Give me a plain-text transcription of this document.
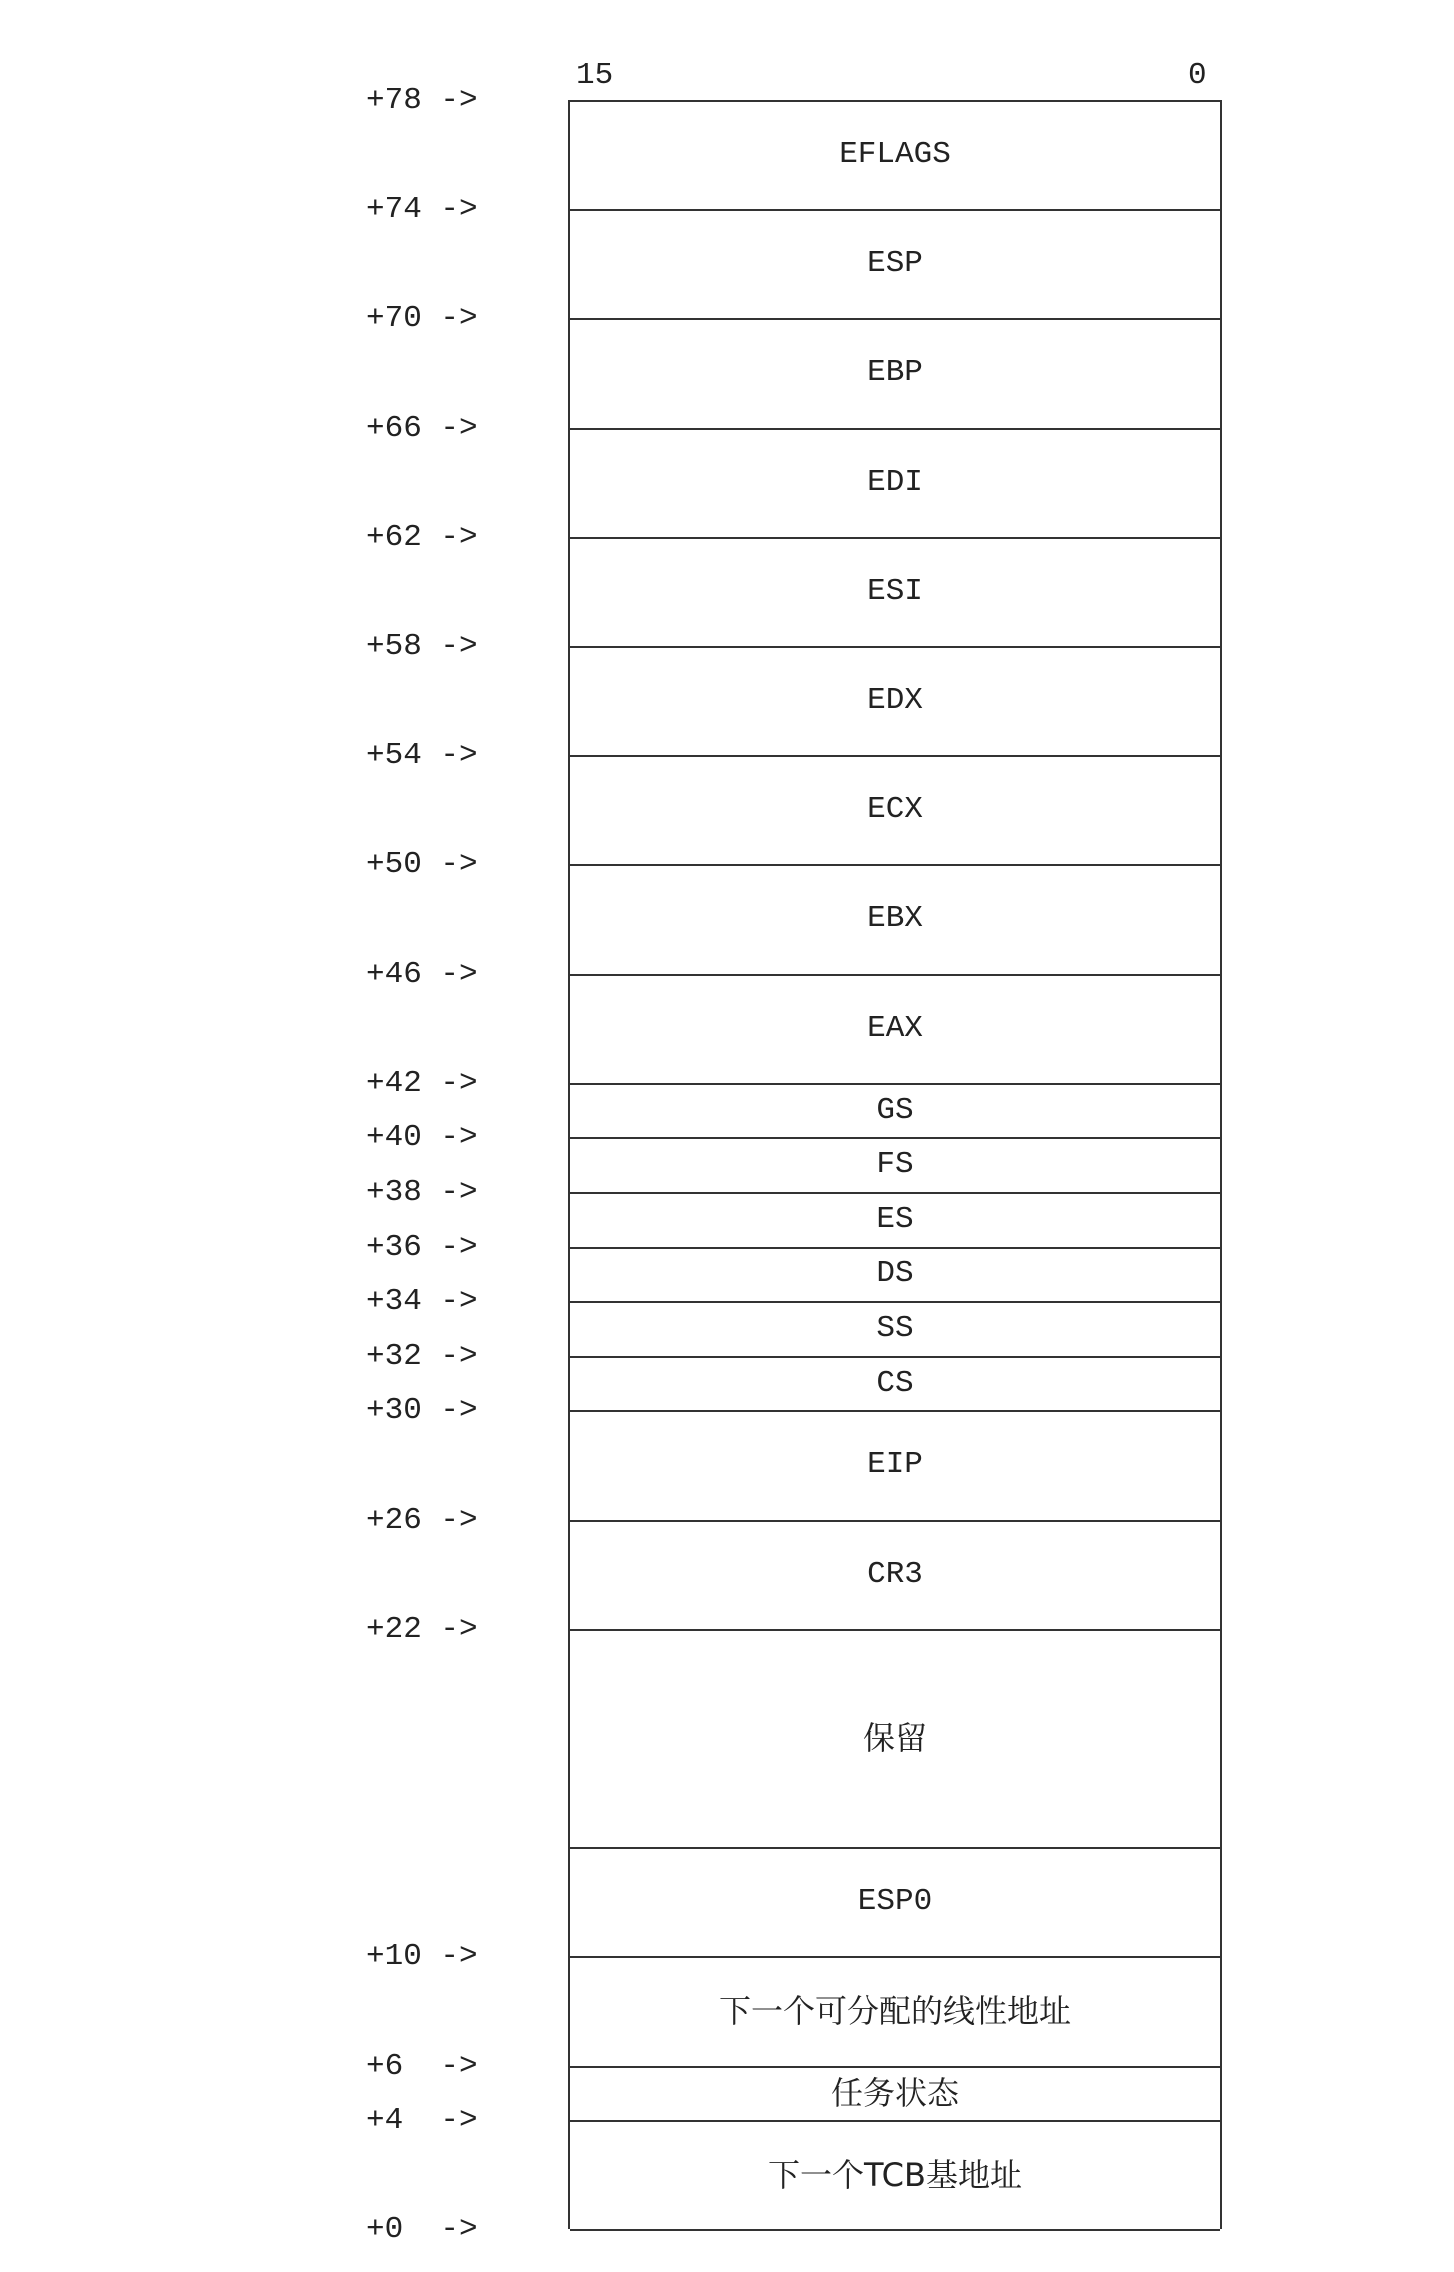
15	0
+78 ->
+74 ->
+70 ->
+66 ->
+62 ->
+58 ->
+54 ->
+50 ->
+46 ->
+42 ->
+40 ->
+38 ->
+36 ->
+34 ->
+32 ->
+30 ->
+26 ->
+22 ->
+10 ->
+6  ->
+4  ->
+0  ->
EFLAGS
ESP
EBP
EDI
ESI
EDX
ECX
EBX
EAX
GS
FS
ES
DS
SS
CS
EIP
CR3
保留
ESP0
下一个可分配的线性地址
任务状态
下一个TCB基地址
